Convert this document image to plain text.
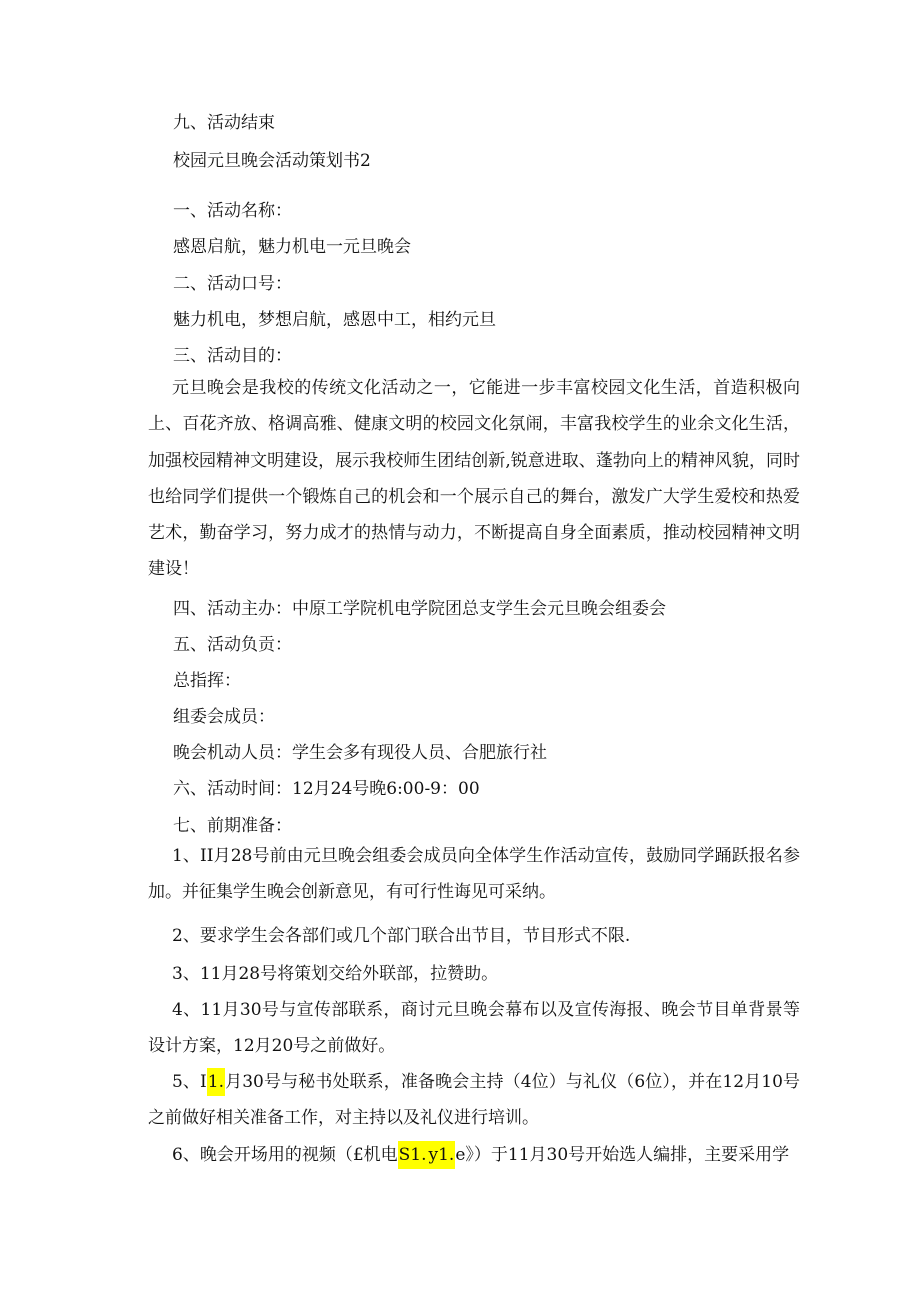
九、活动结束

校园元旦晚会活动策划书2

一、活动名称：

感恩启航，魅力机电一元旦晚会

二、活动口号：

魅力机电，梦想启航，感恩中工，相约元旦

三、活动目的：

元旦晚会是我校的传统文化活动之一，它能进一步丰富校园文化生活，首造积极向上、百花齐放、格调高雅、健康文明的校园文化氛闹，丰富我校学生的业余文化生活，加强校园精神文明建设，展示我校师生团结创新,锐意进取、蓬勃向上的精神风貌，同时也给同学们提供一个锻炼自己的机会和一个展示自己的舞台，激发广大学生爱校和热爱艺术，勤奋学习，努力成才的热情与动力，不断提高自身全面素质，推动校园精神文明建设！

四、活动主办：中原工学院机电学院团总支学生会元旦晚会组委会

五、活动负贡：

总指挥：

组委会成员：

晚会机动人员：学生会多有现役人员、合肥旅行社

六、活动时间：12月24号晚6:00-9：00

七、前期准备：

1、II月28号前由元旦晚会组委会成员向全体学生作活动宣传，鼓励同学踊跃报名参加。并征集学生晚会创新意见，有可行性诲见可采纳。

2、要求学生会各部们或几个部门联合出节目，节目形式不限.

3、11月28号将策划交给外联部，拉赞助。

4、11月30号与宣传部联系，商讨元旦晚会幕布以及宣传海报、晚会节目单背景等设计方案，12月20号之前做好。

5、I1.月30号与秘书处联系，准备晚会主持（4位）与礼仪（6位），并在12月10号之前做好相关准备工作，对主持以及礼仪进行培训。

6、晚会开场用的视频（£机电S1. y1.e》）于11月30号开始选人编排，主要采用学
